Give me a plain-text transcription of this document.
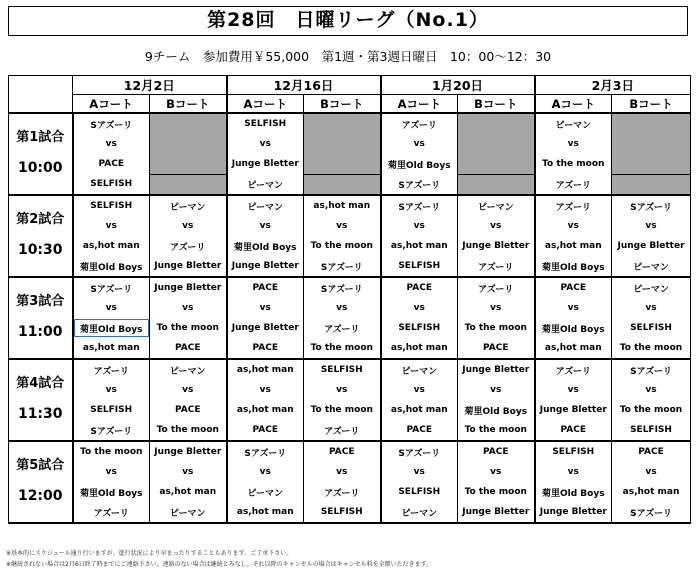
第28回　日曜リーグ（No.1）
9チーム　参加費用￥55,000　第1週・第3週日曜日　10：00〜12：30
	12月2日		12月16日		1月20日		2月3日	
	Aコート	Bコート	Aコート	Bコート	Aコート	Bコート	Aコート	Bコート

第1試合
10:00	Sアズーリ		SELFISH		アズーリ		ピーマン	
	vs		vs		vs		vs	
	PACE		Junge Bletter		菊里Old Boys		To the moon	
	SELFISH		ピーマン		Sアズーリ		アズーリ	

第2試合
10:30	SELFISH	ピーマン	ピーマン	as,hot man	Sアズーリ	ピーマン	アズーリ	Sアズーリ
	vs	vs	vs	vs	vs	vs	vs	vs
	as,hot man	アズーリ	菊里Old Boys	To the moon	as,hot man	Junge Bletter	as,hot man	Junge Bletter
	菊里Old Boys	Junge Bletter	Junge Bletter	Sアズーリ	SELFISH	アズーリ	菊里Old Boys	ピーマン

第3試合
11:00	Sアズーリ	Junge Bletter	PACE	Sアズーリ	PACE	アズーリ	PACE	ピーマン
	vs	vs	vs	vs	vs	vs	vs	vs
	菊里Old Boys	To the moon	Junge Bletter	アズーリ	SELFISH	To the moon	菊里Old Boys	SELFISH
	as,hot man	PACE	PACE	To the moon	as,hot man	PACE	as,hot man	To the moon

第4試合
11:30	アズーリ	ピーマン	as,hot man	SELFISH	ピーマン	Junge Bletter	アズーリ	Sアズーリ
	vs	vs	vs	vs	vs	vs	vs	vs
	SELFISH	PACE	as,hot man	To the moon	as,hot man	菊里Old Boys	Junge Bletter	To the moon
	Sアズーリ	To the moon	PACE	アズーリ	PACE	To the moon	PACE	SELFISH

第5試合
12:00	To the moon	Junge Bletter	Sアズーリ	PACE	Sアズーリ	PACE	SELFISH	PACE
	vs	vs	vs	vs	vs	vs	vs	vs
	菊里Old Boys	as,hot man	ピーマン	アズーリ	SELFISH	To the moon	菊里Old Boys	as,hot man
	アズーリ	ピーマン	as,hot man	SELFISH	ピーマン	Junge Bletter	Junge Bletter	Sアズーリ
※基本的にスケジュール通り行いますが、進行状況により早まったりすることもあります。ご了承下さい。
※継続されない場合は2月6日終了時までにご連絡下さい。連絡のない場合は継続とみなし、それ以降のキャンセルの場合はキャンセル料を全額いただきます。
